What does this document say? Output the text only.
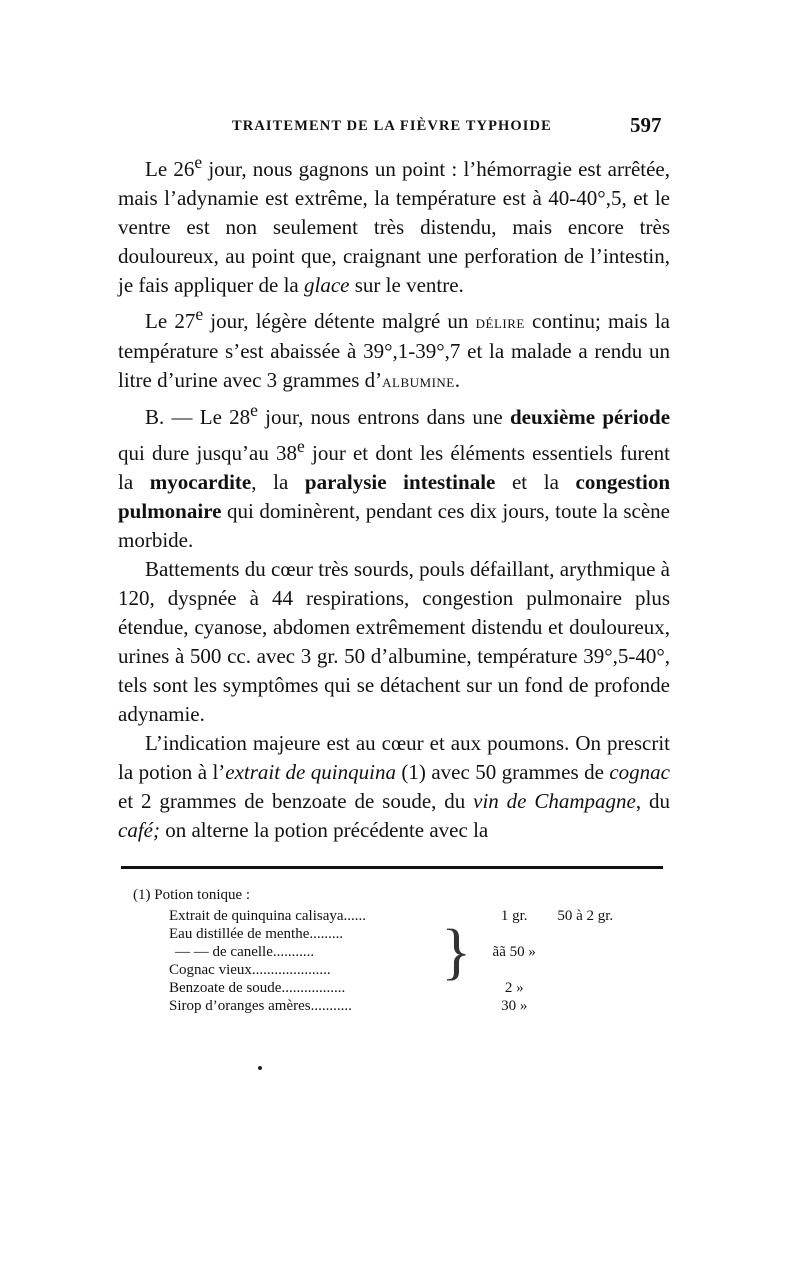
TRAITEMENT DE LA FIÈVRE TYPHOIDE	597

Le 26e jour, nous gagnons un point : l’hémorragie est arrêtée, mais l’adynamie est extrême, la température est à 40-40°,5, et le ventre est non seulement très distendu, mais encore très douloureux, au point que, craignant une perforation de l’intestin, je fais appliquer de la glace sur le ventre.

Le 27e jour, légère détente malgré un délire continu; mais la température s’est abaissée à 39°,1-39°,7 et la malade a rendu un litre d’urine avec 3 grammes d’albumine.

B. — Le 28e jour, nous entrons dans une deuxième période qui dure jusqu’au 38e jour et dont les éléments essentiels furent la myocardite, la paralysie intestinale et la congestion pulmonaire qui dominèrent, pendant ces dix jours, toute la scène morbide.

Battements du cœur très sourds, pouls défaillant, arythmique à 120, dyspnée à 44 respirations, congestion pulmonaire plus étendue, cyanose, abdomen extrêmement distendu et douloureux, urines à 500 cc. avec 3 gr. 50 d’albumine, température 39°,5-40°, tels sont les symptômes qui se détachent sur un fond de profonde adynamie.

L’indication majeure est au cœur et aux poumons. On prescrit la potion à l’extrait de quinquina (1) avec 50 grammes de cognac et 2 grammes de benzoate de soude, du vin de Champagne, du café; on alterne la potion précédente avec la

(1) Potion tonique :
Extrait de quinquina calisaya......		1 gr.	50 à 2 gr.
Eau distillée de menthe.........	}		
— — de canelle...........		ãã 50 »	
Cognac vieux.....................			
Benzoate de soude.................		2 »	
Sirop d’oranges amères...........		30 »	
